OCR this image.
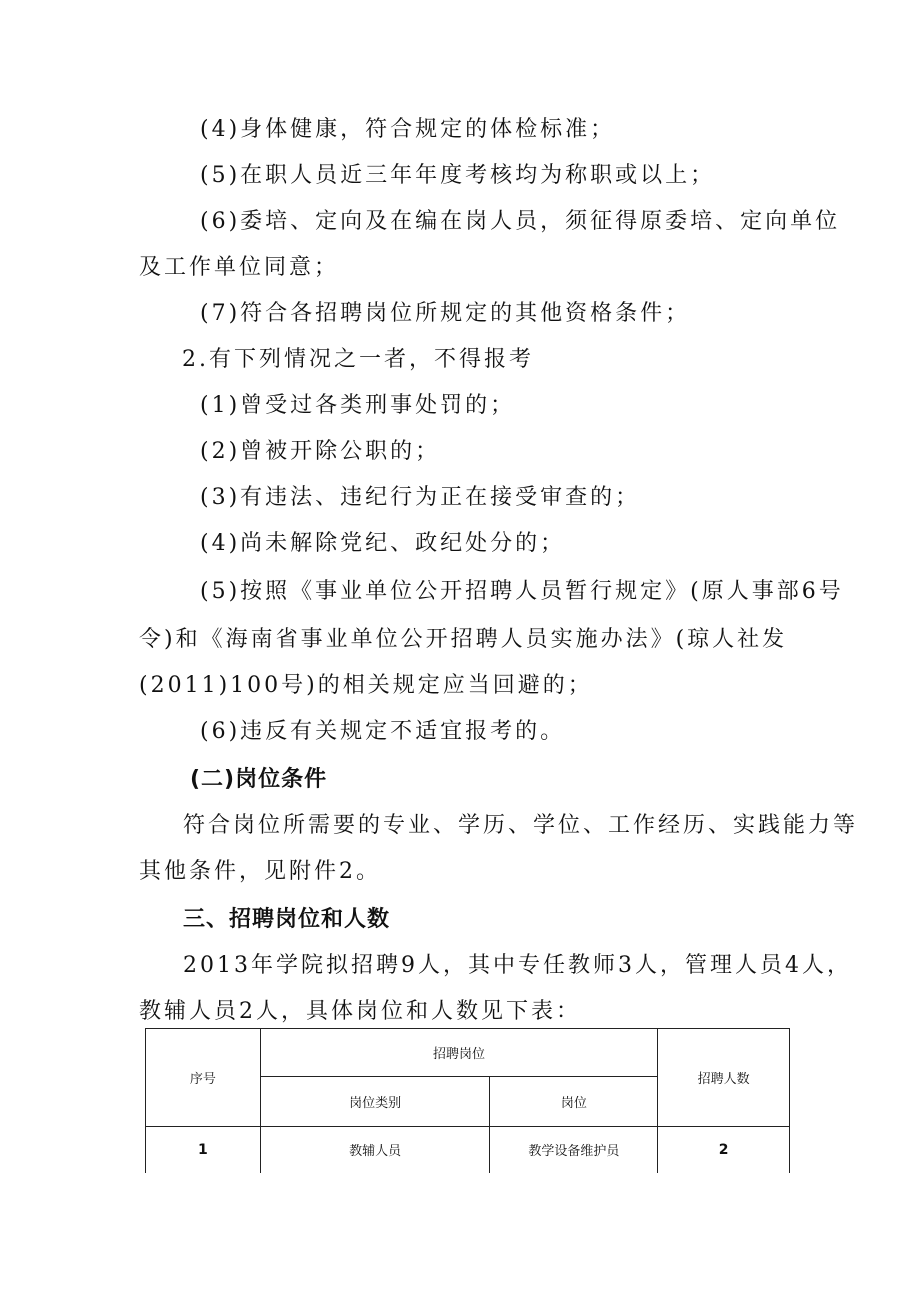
(4)身体健康，符合规定的体检标准；
(5)在职人员近三年年度考核均为称职或以上；
(6)委培、定向及在编在岗人员，须征得原委培、定向单位
及工作单位同意；
(7)符合各招聘岗位所规定的其他资格条件；
2.有下列情况之一者，不得报考
(1)曾受过各类刑事处罚的；
(2)曾被开除公职的；
(3)有违法、违纪行为正在接受审查的；
(4)尚未解除党纪、政纪处分的；
(5)按照《事业单位公开招聘人员暂行规定》(原人事部6号
令)和《海南省事业单位公开招聘人员实施办法》(琼人社发
(2011)100号)的相关规定应当回避的；
(6)违反有关规定不适宜报考的。
(二)岗位条件
符合岗位所需要的专业、学历、学位、工作经历、实践能力等
其他条件，见附件2。
三、招聘岗位和人数
2013年学院拟招聘9人，其中专任教师3人，管理人员4人，
教辅人员2人，具体岗位和人数见下表：
序号	招聘岗位		招聘人数
	岗位类别	岗位	
1	教辅人员	教学设备维护员	2
